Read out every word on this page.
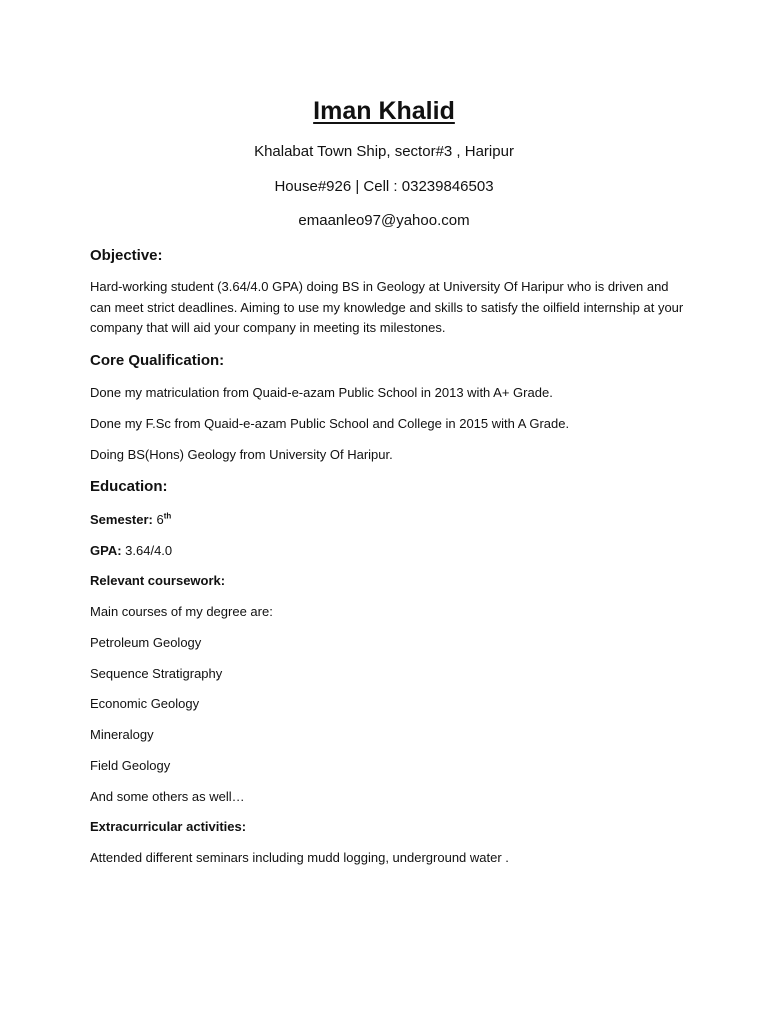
Iman Khalid

Khalabat Town Ship, sector#3 , Haripur

House#926 | Cell : 03239846503

emaanleo97@yahoo.com

Objective:

Hard-working student (3.64/4.0 GPA) doing BS in Geology at University Of Haripur who is driven and can meet strict deadlines. Aiming to use my knowledge and skills to satisfy the oilfield internship at your company that will aid your company in meeting its milestones.

Core Qualification:

Done my matriculation from Quaid-e-azam Public School in 2013 with A+ Grade.

Done my F.Sc from Quaid-e-azam Public School and College in 2015 with A Grade.

Doing BS(Hons) Geology from University Of Haripur.

Education:

Semester: 6th

GPA: 3.64/4.0

Relevant coursework:

Main courses of my degree are:

Petroleum Geology

Sequence Stratigraphy

Economic Geology

Mineralogy

Field Geology

And some others as well…

Extracurricular activities:

Attended different seminars including mudd logging, underground water .
